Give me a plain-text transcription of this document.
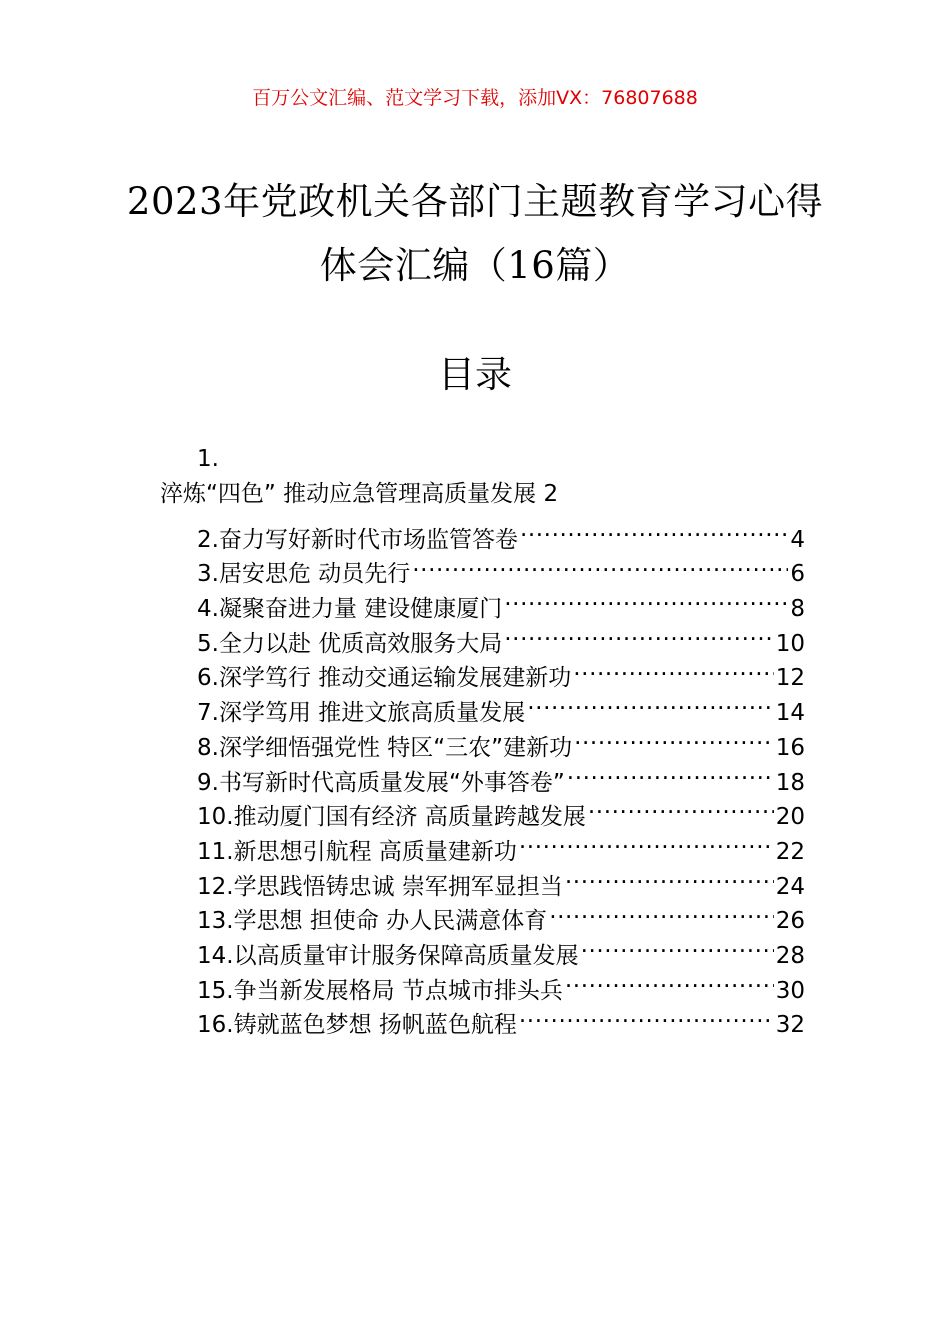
百万公文汇编、范文学习下载，添加VX：76807688
2023年党政机关各部门主题教育学习心得
体会汇编（16篇）
目录
1.
淬炼“四色” 推动应急管理高质量发展 2
2.奋力写好新时代市场监管答卷 .....	4
3.居安思危 动员先行 .....	6
4.凝聚奋进力量 建设健康厦门 .....	8
5.全力以赴 优质高效服务大局 .....	10
6.深学笃行 推动交通运输发展建新功 .....	12
7.深学笃用 推进文旅高质量发展 .....	14
8.深学细悟强党性 特区“三农”建新功 .....	16
9.书写新时代高质量发展“外事答卷” .....	18
10.推动厦门国有经济 高质量跨越发展 .....	20
11.新思想引航程 高质量建新功 .....	22
12.学思践悟铸忠诚 崇军拥军显担当 .....	24
13.学思想 担使命 办人民满意体育 .....	26
14.以高质量审计服务保障高质量发展 .....	28
15.争当新发展格局 节点城市排头兵 .....	30
16.铸就蓝色梦想 扬帆蓝色航程 .....	32
